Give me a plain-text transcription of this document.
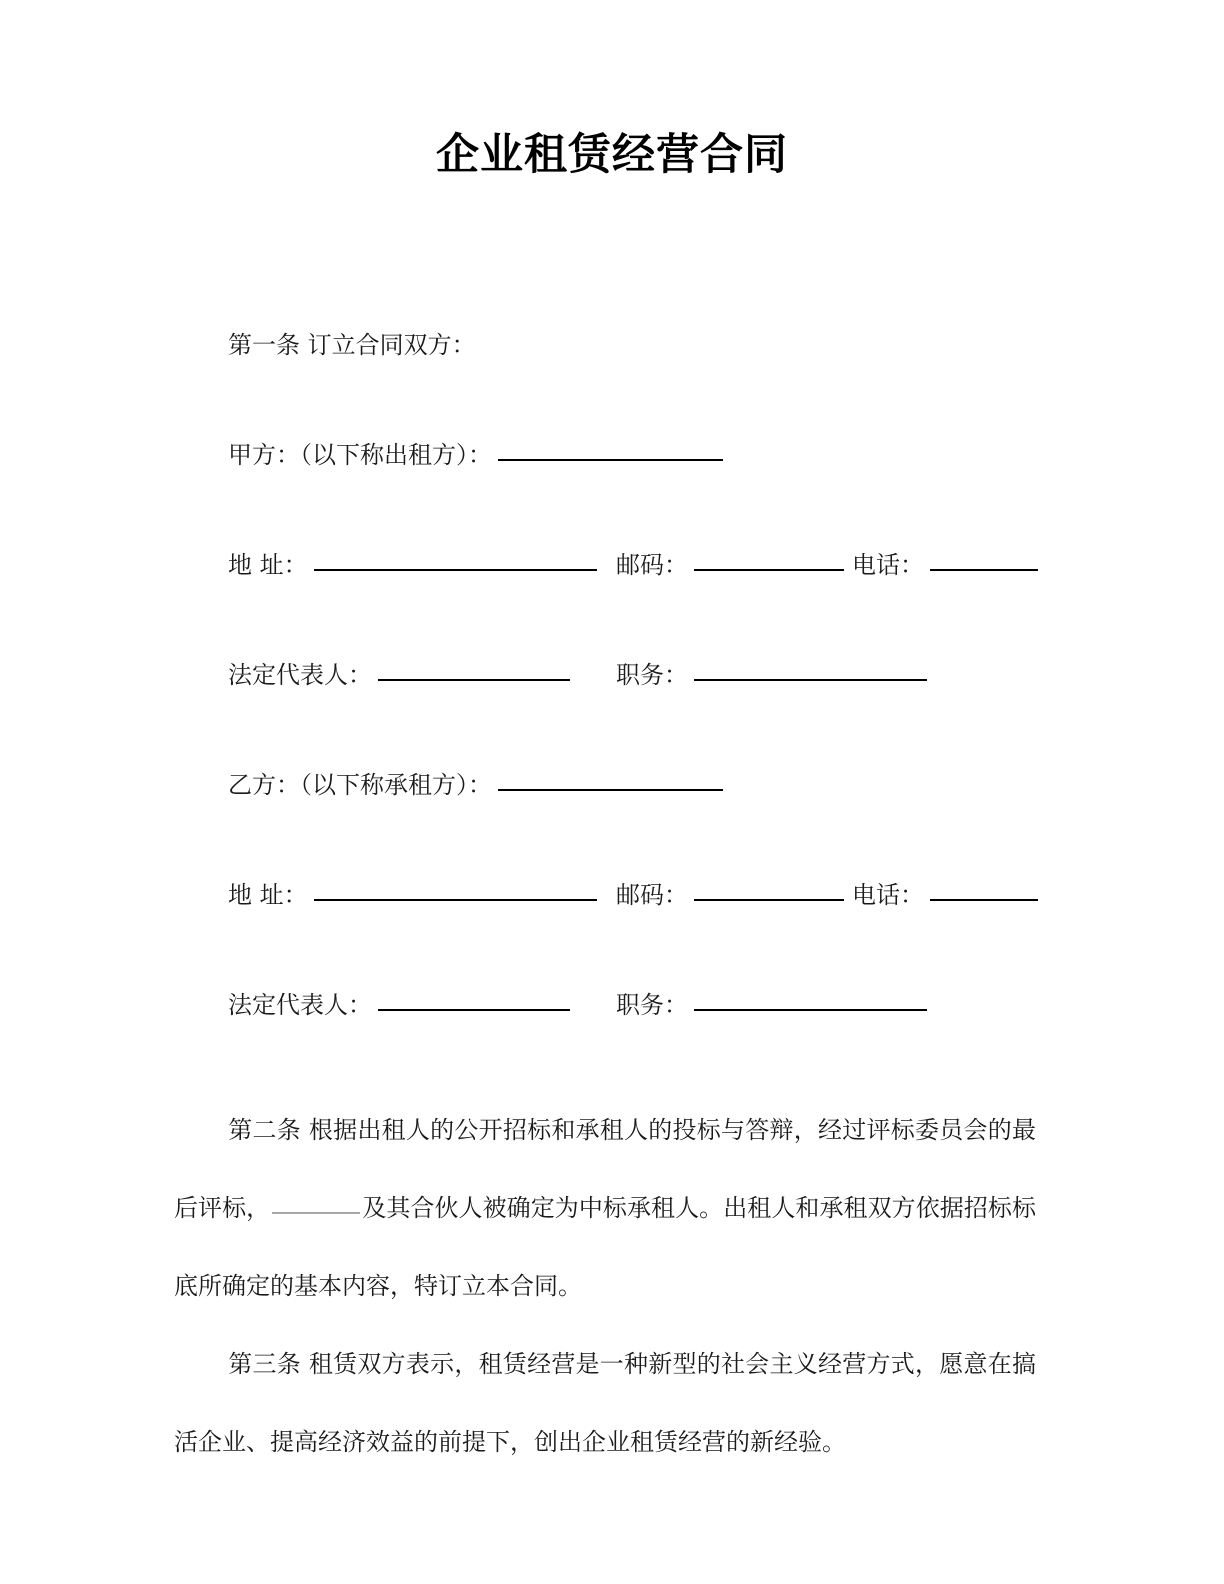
企业租赁经营合同
第一条 订立合同双方：
甲方：（以下称出租方）：
地 址：	邮码：	电话：
法定代表人：	职务：
乙方：（以下称承租方）：
地 址：	邮码：	电话：
法定代表人：	职务：
第二条 根据出租人的公开招标和承租人的投标与答辩，经过评标委员会的最后评标，	及其合伙人被确定为中标承租人。出租人和承租双方依据招标标底所确定的基本内容，特订立本合同。
第三条 租赁双方表示，租赁经营是一种新型的社会主义经营方式，愿意在搞活企业、提高经济效益的前提下，创出企业租赁经营的新经验。
